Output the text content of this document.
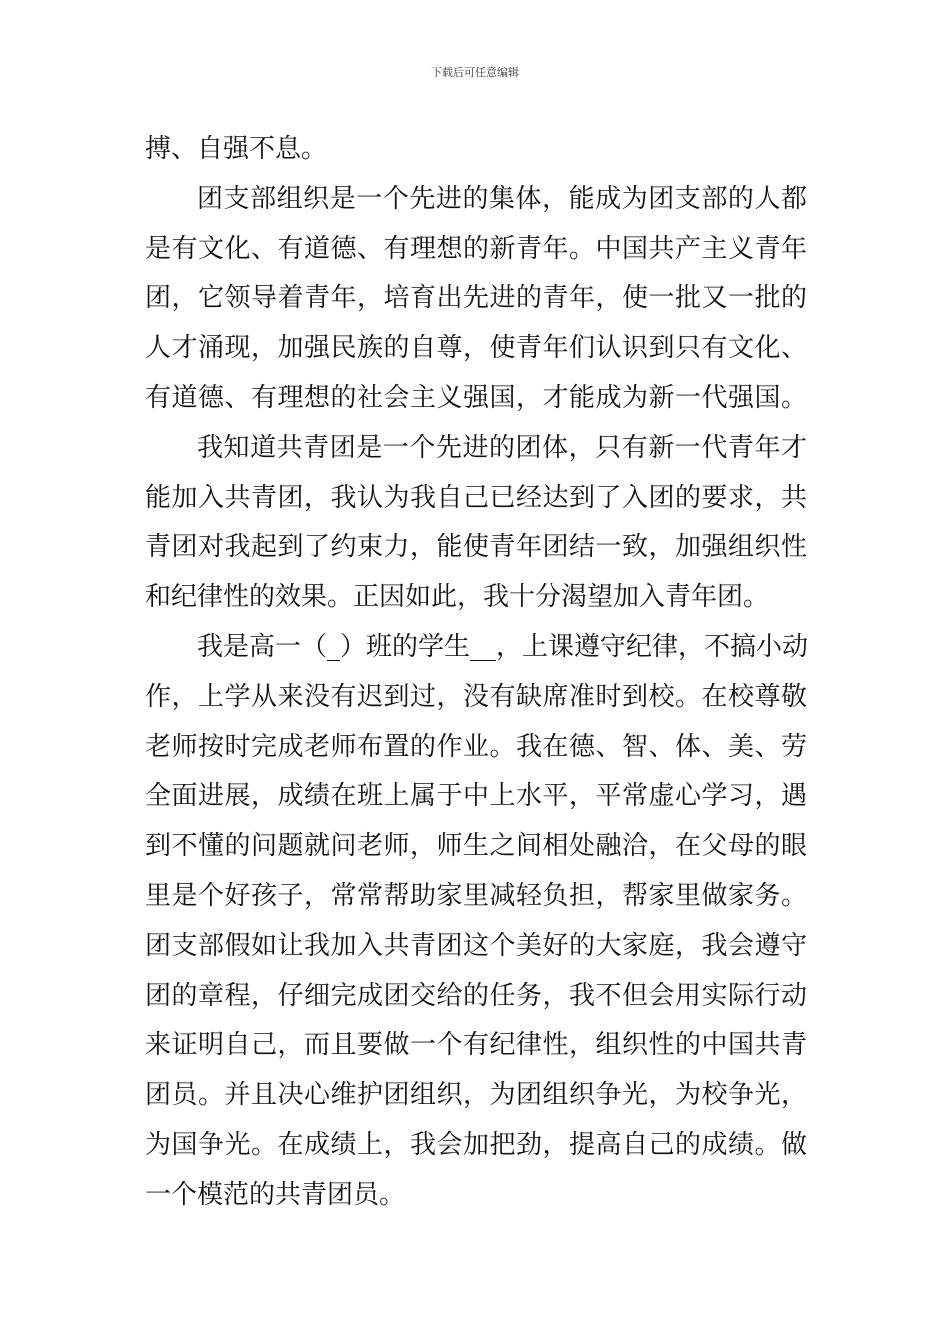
下载后可任意编辑
搏、自强不息。
团支部组织是一个先进的集体，能成为团支部的人都
是有文化、有道德、有理想的新青年。中国共产主义青年
团，它领导着青年，培育出先进的青年，使一批又一批的
人才涌现，加强民族的自尊，使青年们认识到只有文化、
有道德、有理想的社会主义强国，才能成为新一代强国。
我知道共青团是一个先进的团体，只有新一代青年才
能加入共青团，我认为我自己已经达到了入团的要求，共
青团对我起到了约束力，能使青年团结一致，加强组织性
和纪律性的效果。正因如此，我十分渴望加入青年团。
我是高一（_）班的学生__，上课遵守纪律，不搞小动
作，上学从来没有迟到过，没有缺席准时到校。在校尊敬
老师按时完成老师布置的作业。我在德、智、体、美、劳
全面进展，成绩在班上属于中上水平，平常虚心学习，遇
到不懂的问题就问老师，师生之间相处融洽，在父母的眼
里是个好孩子，常常帮助家里减轻负担，帮家里做家务。
团支部假如让我加入共青团这个美好的大家庭，我会遵守
团的章程，仔细完成团交给的任务，我不但会用实际行动
来证明自己，而且要做一个有纪律性，组织性的中国共青
团员。并且决心维护团组织，为团组织争光，为校争光，
为国争光。在成绩上，我会加把劲，提高自己的成绩。做
一个模范的共青团员。
